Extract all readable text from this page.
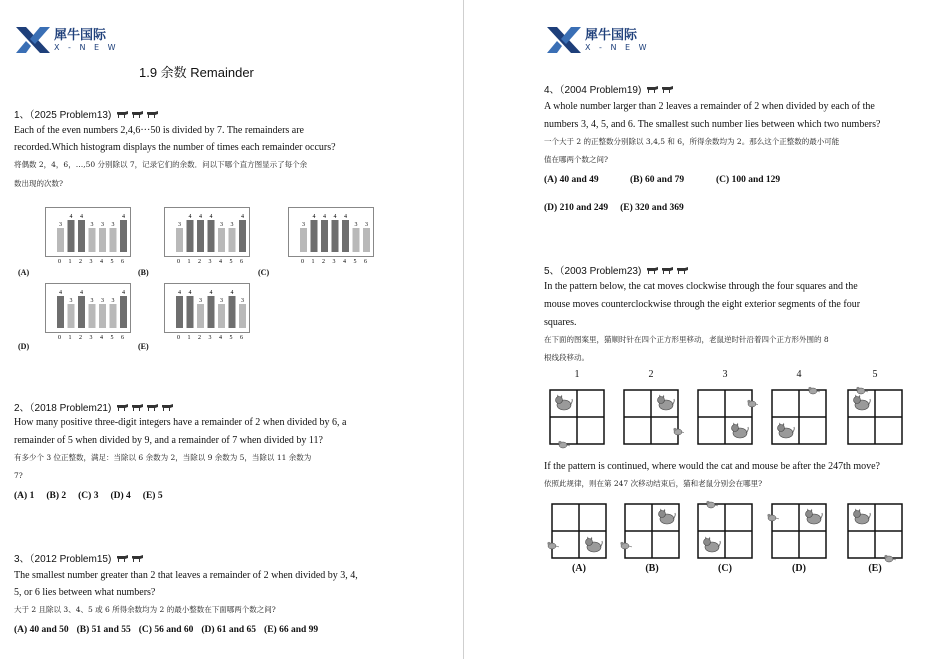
犀牛国际
X - N E W
1.9 余数 Remainder
1、（2025 Problem13)
Each of the even numbers 2,4,6···50 is divided by 7. The remainders are
recorded.Which histogram displays the number of times each remainder occurs?
将偶数 2，4，6，…,50 分别除以 7，记录它们的余数．问以下哪个直方图显示了每个余
数出现的次数?
3
4 4
3 3 3
4
0 1 2 3 4 5 6
(A)
3
4 4 4
3 3
4
0 1 2 3 4 5 6
(B)
3
4 4 4 4
3 3
0 1 2 3 4 5 6
(C)
4
3
4
3 3 3
4
0 1 2 3 4 5 6
(D)
4 4
3
4
3
4
3
0 1 2 3 4 5 6
(E)
2、（2018 Problem21)
How many positive three-digit integers have a remainder of 2 when divided by 6, a
remainder of 5 when divided by 9, and a remainder of 7 when divided by 11?
有多少个 3 位正整数，满足：当除以 6 余数为 2，当除以 9 余数为 5，当除以 11 余数为
7?
(A) 1 (B) 2 (C) 3 (D) 4 (E) 5
3、（2012 Problem15)
The smallest number greater than 2 that leaves a remainder of 2 when divided by 3, 4,
5, or 6 lies between what numbers?
大于 2 且除以 3、4、5 或 6 所得余数均为 2 的最小整数在下面哪两个数之间?
(A) 40 and 50 (B) 51 and 55 (C) 56 and 60 (D) 61 and 65 (E) 66 and 99
犀牛国际
X - N E W
4、（2004 Problem19)
A whole number larger than 2 leaves a remainder of 2 when divided by each of the
numbers 3, 4, 5, and 6. The smallest such number lies between which two numbers?
一个大于 2 的正整数分别除以 3,4,5 和 6，所得余数均为 2。那么这个正整数的最小可能
值在哪两个数之间?
(A) 40 and 49	(B) 60 and 79	(C) 100 and 129
(D) 210 and 249 (E) 320 and 369
5、（2003 Problem23)
In the pattern below, the cat moves clockwise through the four squares and the
mouse moves counterclockwise through the eight exterior segments of the four
squares.
在下面的图案里，猫顺时针在四个正方形里移动，老鼠逆时针沿着四个正方形外围的 8
根线段移动。
1	2	3	4	5
If the pattern is continued, where would the cat and mouse be after the 247th move?
依照此规律，则在第 247 次移动结束后，猫和老鼠分别会在哪里?
(A)	(B)	(C)	(D)	(E)
